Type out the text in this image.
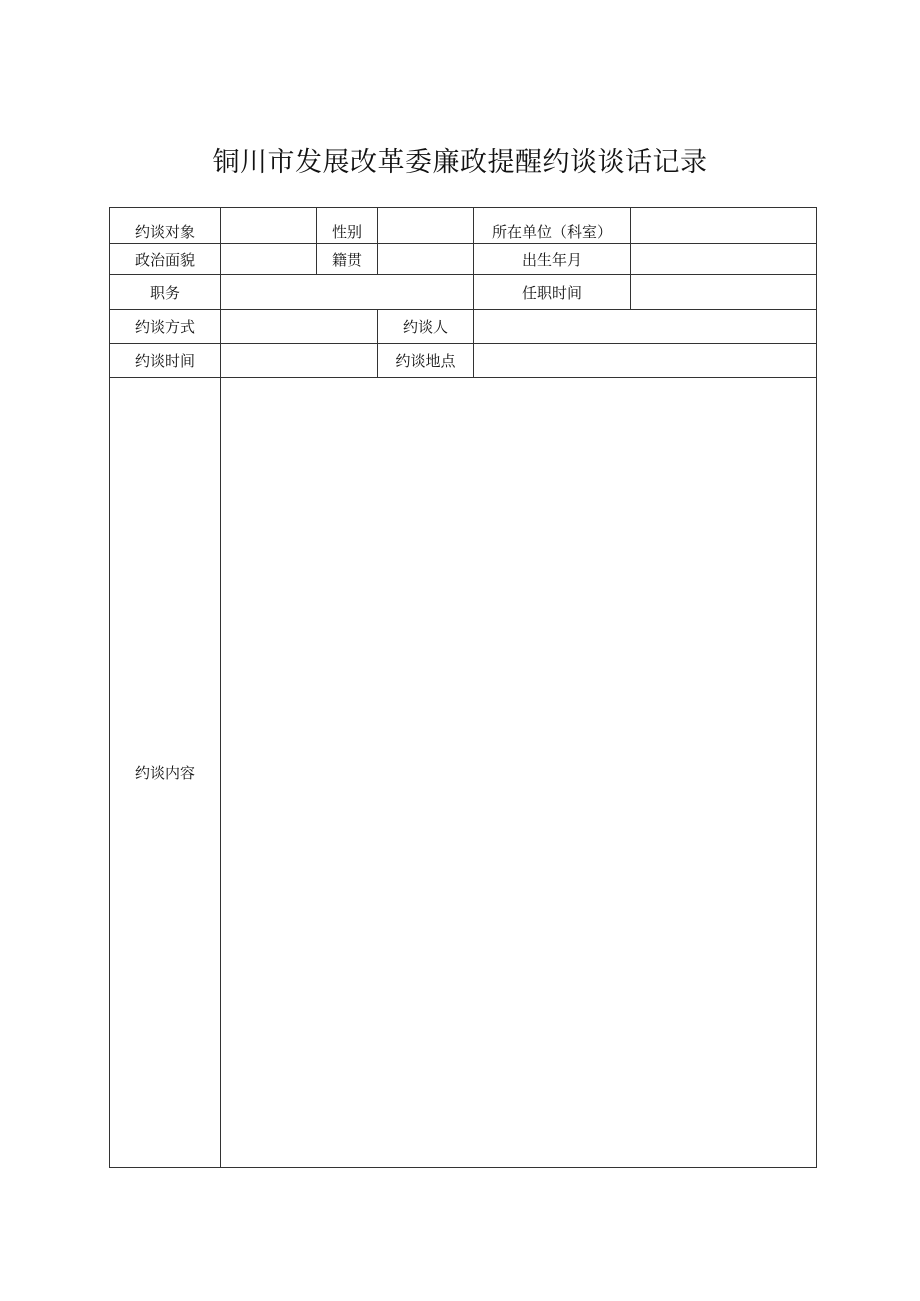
铜川市发展改革委廉政提醒约谈谈话记录
约谈对象		性别		所在单位（科室）	
政治面貌		籍贯		出生年月	
职务				任职时间	
约谈方式			约谈人		
约谈时间			约谈地点		
约谈内容					
